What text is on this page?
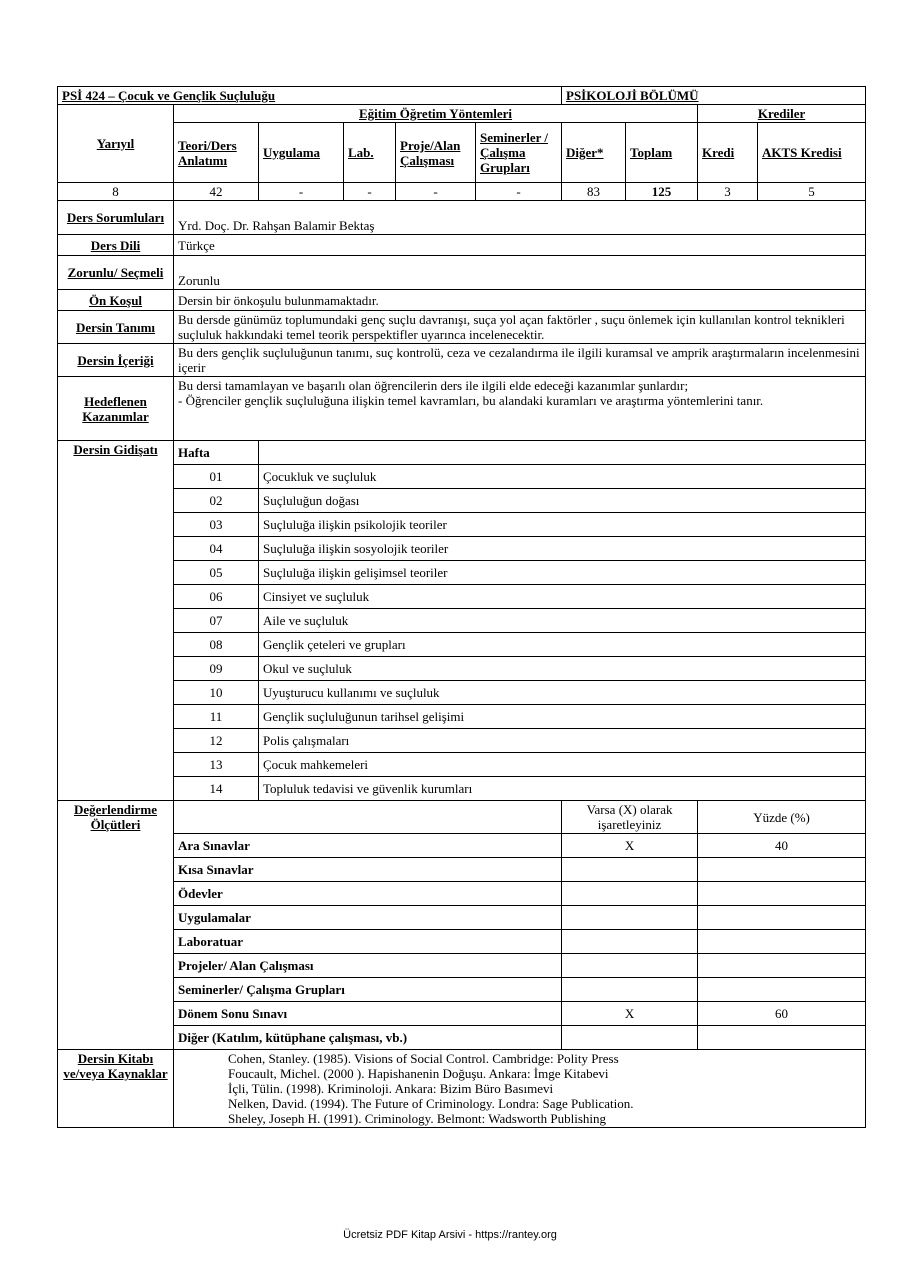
PSİ 424 – Çocuk ve Gençlik Suçluluğu						PSİKOLOJİ BÖLÜMÜ			
Yarıyıl	Eğitim Öğretim Yöntemleri							Krediler	
	Teori/Ders Anlatımı	Uygulama	Lab.	Proje/Alan Çalışması	Seminerler / Çalışma Grupları	Diğer*	Toplam	Kredi	AKTS Kredisi
8	42	-	-	-	-	83	125	3	5
Ders Sorumluları	Yrd. Doç. Dr. Rahşan Balamir Bektaş								
Ders Dili	Türkçe								
Zorunlu/ Seçmeli	Zorunlu								
Ön Koşul	Dersin bir önkoşulu bulunmamaktadır.								
Dersin Tanımı	Bu dersde günümüz toplumundaki genç suçlu davranışı, suça yol açan faktörler , suçu önlemek için kullanılan kontrol teknikleri suçluluk hakkındaki temel teorik perspektifler uyarınca incelenecektir.								
Dersin İçeriği	Bu ders gençlik suçluluğunun tanımı, suç kontrolü, ceza ve cezalandırma ile ilgili kuramsal ve amprik araştırmaların incelenmesini içerir								
Hedeflenen Kazanımlar	Bu dersi tamamlayan ve başarılı olan öğrencilerin ders ile ilgili elde edeceği kazanımlar şunlardır;
- Öğrenciler gençlik suçluluğuna ilişkin temel kavramları, bu alandaki kuramları ve araştırma yöntemlerini tanır.								
Dersin Gidişatı	Hafta								
	01	Çocukluk ve suçluluk							
	02	Suçluluğun doğası							
	03	Suçluluğa ilişkin psikolojik teoriler							
	04	Suçluluğa ilişkin sosyolojik teoriler							
	05	Suçluluğa ilişkin gelişimsel teoriler							
	06	Cinsiyet ve suçluluk							
	07	Aile ve suçluluk							
	08	Gençlik çeteleri ve grupları							
	09	Okul ve suçluluk							
	10	Uyuşturucu kullanımı ve suçluluk							
	11	Gençlik suçluluğunun tarihsel gelişimi							
	12	Polis çalışmaları							
	13	Çocuk mahkemeleri							
	14	Topluluk tedavisi ve güvenlik kurumları							
Değerlendirme Ölçütleri						Varsa (X) olarak işaretleyiniz		Yüzde (%)	
	Ara Sınavlar					X		40	
	Kısa Sınavlar								
	Ödevler								
	Uygulamalar								
	Laboratuar								
	Projeler/ Alan Çalışması								
	Seminerler/ Çalışma Grupları								
	Dönem Sonu Sınavı					X		60	
	Diğer (Katılım, kütüphane çalışması, vb.)								
Dersin Kitabı ve/veya Kaynaklar	Cohen, Stanley. (1985). Visions of Social Control. Cambridge: Polity Press
Foucault, Michel. (2000 ). Hapishanenin Doğuşu. Ankara: İmge Kitabevi
İçli, Tülin. (1998). Kriminoloji. Ankara: Bizim Büro Basımevi
Nelken, David. (1994). The Future of Criminology. Londra: Sage Publication.
Sheley, Joseph H. (1991). Criminology. Belmont: Wadsworth Publishing								
Ücretsiz PDF Kitap Arsivi - https://rantey.org
